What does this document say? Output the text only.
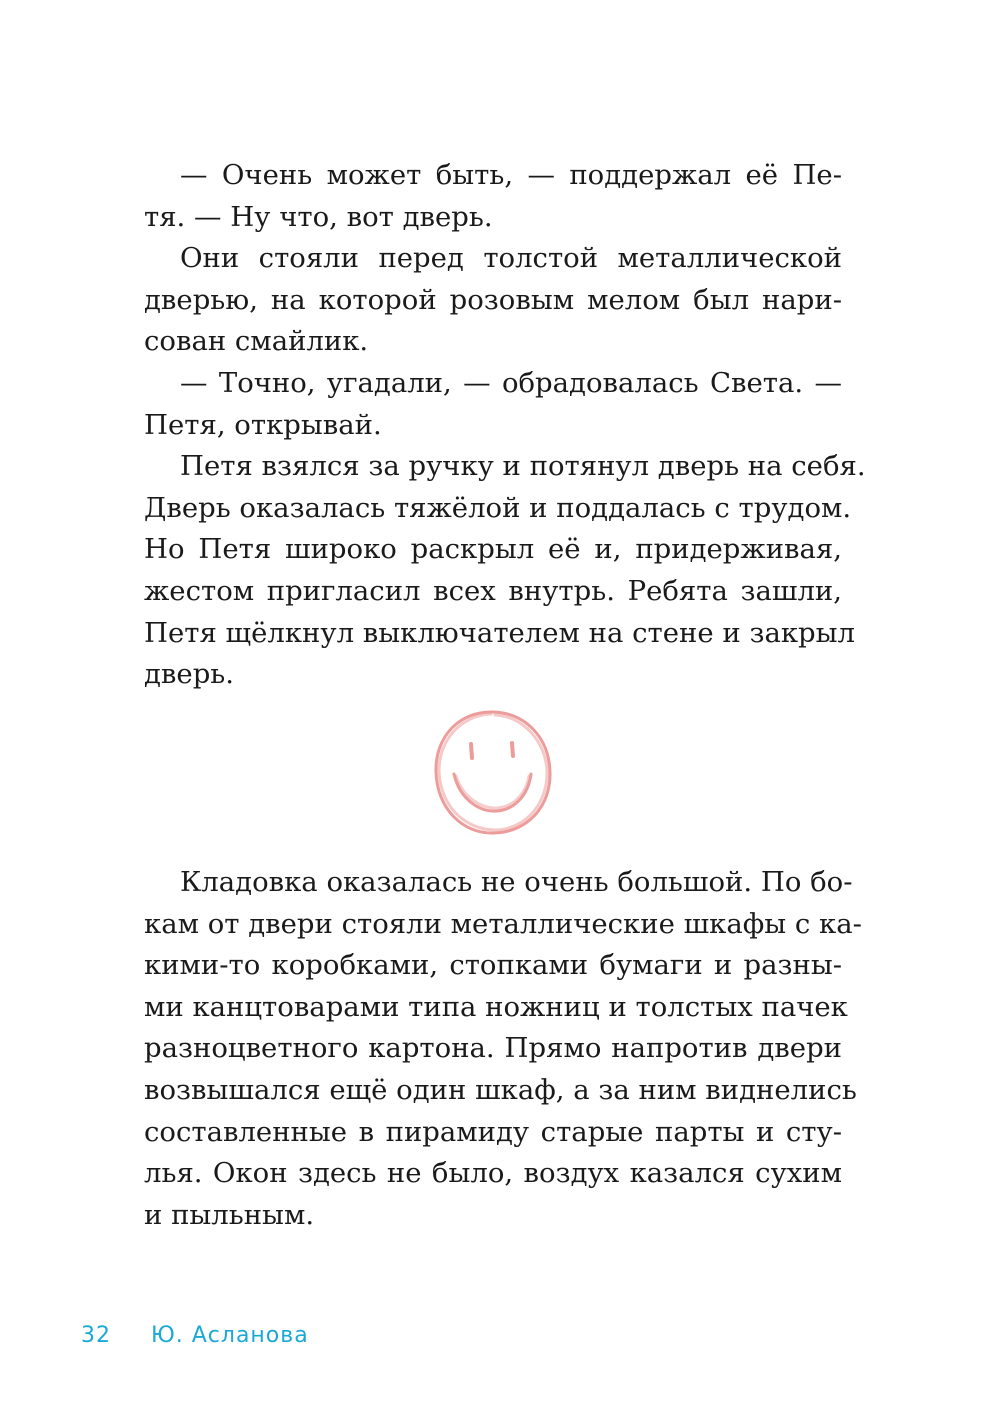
— Очень может быть, — поддержал её Пе-
тя. — Ну что, вот дверь.
Они стояли перед толстой металлической
дверью, на которой розовым мелом был нари-
сован смайлик.
— Точно, угадали, — обрадовалась Света. —
Петя, открывай.
Петя взялся за ручку и потянул дверь на себя.
Дверь оказалась тяжёлой и поддалась с трудом.
Но Петя широко раскрыл её и, придерживая,
жестом пригласил всех внутрь. Ребята зашли,
Петя щёлкнул выключателем на стене и закрыл
дверь.
Кладовка оказалась не очень большой. По бо-
кам от двери стояли металлические шкафы с ка-
кими-то коробками, стопками бумаги и разны-
ми канцтоварами типа ножниц и толстых пачек
разноцветного картона. Прямо напротив двери
возвышался ещё один шкаф, а за ним виднелись
составленные в пирамиду старые парты и сту-
лья. Окон здесь не было, воздух казался сухим
и пыльным.
32 Ю. Асланова
